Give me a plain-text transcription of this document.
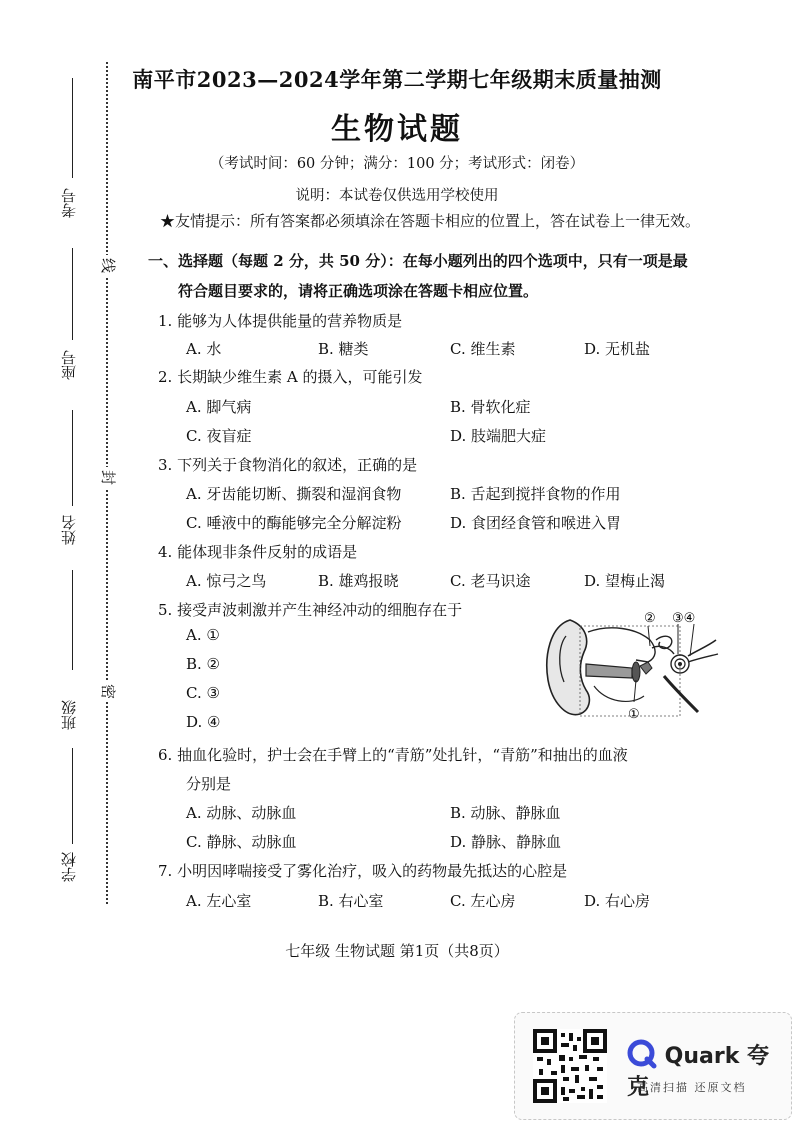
考号
座号
姓名
班级
学校
线
封
密
南平市2023—2024学年第二学期七年级期末质量抽测
生物试题
（考试时间：60 分钟；满分：100 分；考试形式：闭卷）
说明：本试卷仅供选用学校使用
★友情提示：所有答案都必须填涂在答题卡相应的位置上，答在试卷上一律无效。
一、选择题（每题 2 分，共 50 分）：在每小题列出的四个选项中，只有一项是最
符合题目要求的，请将正确选项涂在答题卡相应位置。
1. 能够为人体提供能量的营养物质是
A. 水	B. 糖类	C. 维生素	D. 无机盐
2. 长期缺少维生素 A 的摄入，可能引发
A. 脚气病	B. 骨软化症
C. 夜盲症	D. 肢端肥大症
3. 下列关于食物消化的叙述，正确的是
A. 牙齿能切断、撕裂和湿润食物	B. 舌起到搅拌食物的作用
C. 唾液中的酶能够完全分解淀粉	D. 食团经食管和喉进入胃
4. 能体现非条件反射的成语是
A. 惊弓之鸟	B. 雄鸡报晓	C. 老马识途	D. 望梅止渴
5. 接受声波刺激并产生神经冲动的细胞存在于
A. ①
B. ②
C. ③
D. ④
② ③④
①
6. 抽血化验时，护士会在手臂上的“青筋”处扎针，“青筋”和抽出的血液
分别是
A. 动脉、动脉血	B. 动脉、静脉血
C. 静脉、动脉血	D. 静脉、静脉血
7. 小明因哮喘接受了雾化治疗，吸入的药物最先抵达的心腔是
A. 左心室	B. 右心室	C. 左心房	D. 右心房
七年级 生物试题 第1页（共8页）
Quark 夸克
高清扫描 还原文档
